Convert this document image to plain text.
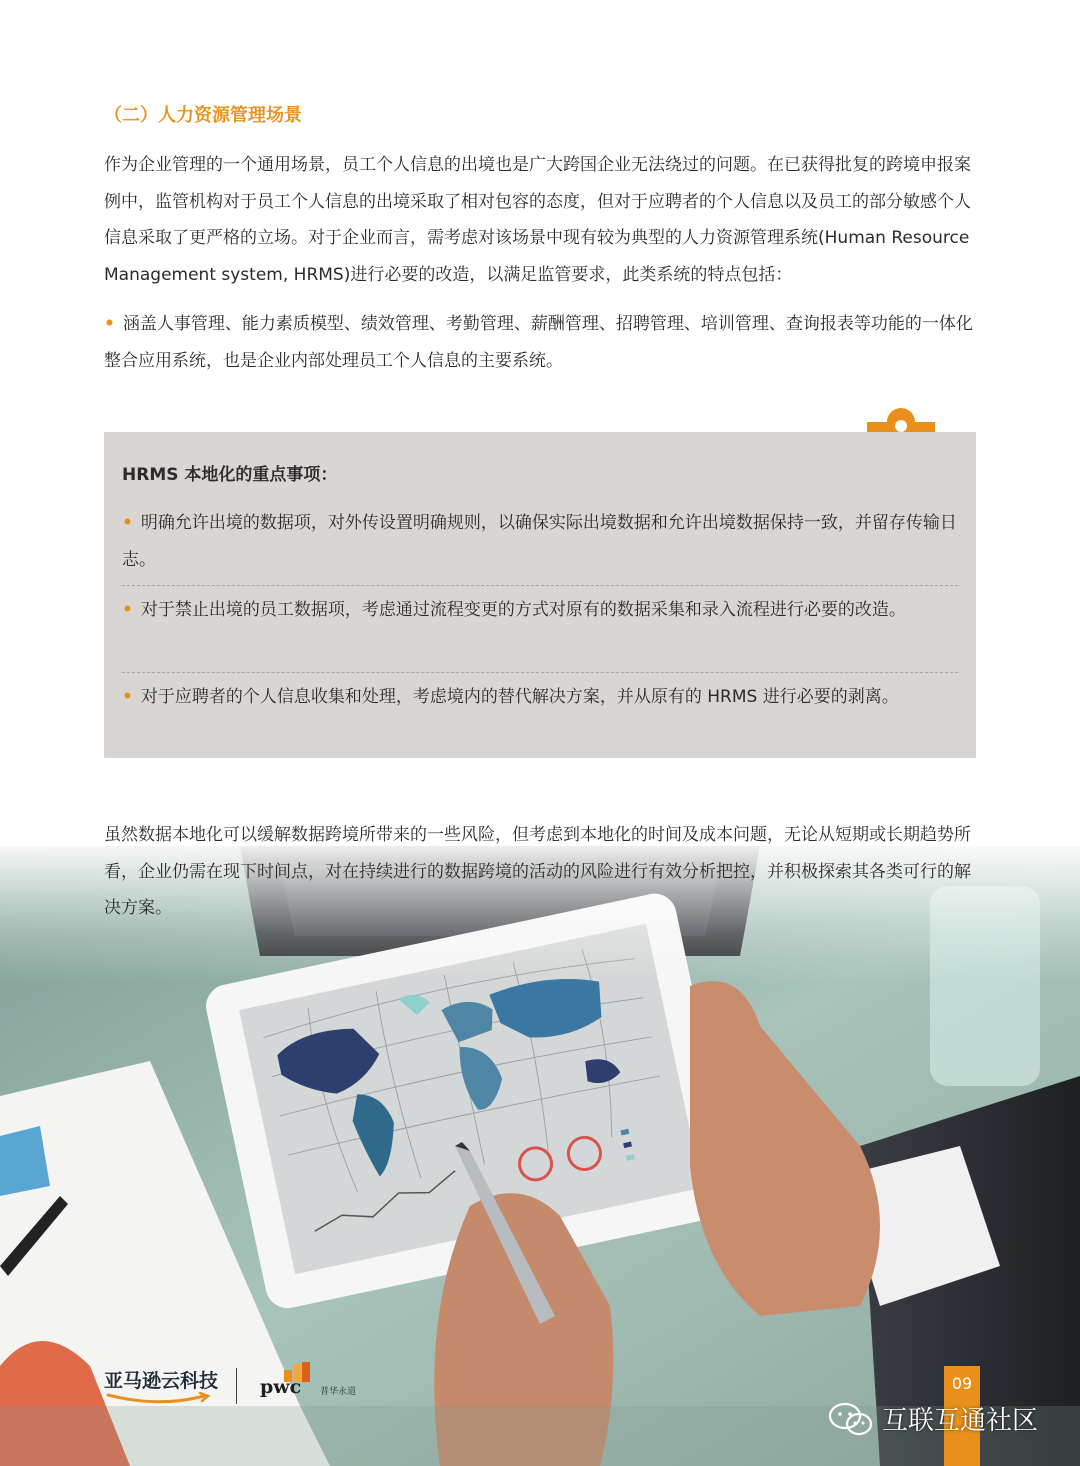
（二）人力资源管理场景
作为企业管理的一个通用场景，员工个人信息的出境也是广大跨国企业无法绕过的问题。在已获得批复的跨境申报案例中，监管机构对于员工个人信息的出境采取了相对包容的态度，但对于应聘者的个人信息以及员工的部分敏感个人信息采取了更严格的立场。对于企业而言，需考虑对该场景中现有较为典型的人力资源管理系统(Human Resource Management system, HRMS)进行必要的改造，以满足监管要求，此类系统的特点包括：
• 涵盖人事管理、能力素质模型、绩效管理、考勤管理、薪酬管理、招聘管理、培训管理、查询报表等功能的一体化整合应用系统，也是企业内部处理员工个人信息的主要系统。
HRMS 本地化的重点事项：
• 明确允许出境的数据项，对外传设置明确规则，以确保实际出境数据和允许出境数据保持一致，并留存传输日志。
• 对于禁止出境的员工数据项，考虑通过流程变更的方式对原有的数据采集和录入流程进行必要的改造。
• 对于应聘者的个人信息收集和处理，考虑境内的替代解决方案，并从原有的 HRMS 进行必要的剥离。
虽然数据本地化可以缓解数据跨境所带来的一些风险，但考虑到本地化的时间及成本问题，无论从短期或长期趋势所看，企业仍需在现下时间点，对在持续进行的数据跨境的活动的风险进行有效分析把控，并积极探索其各类可行的解决方案。
亚马逊云科技 pwc 普华永道	09
互联互通社区
